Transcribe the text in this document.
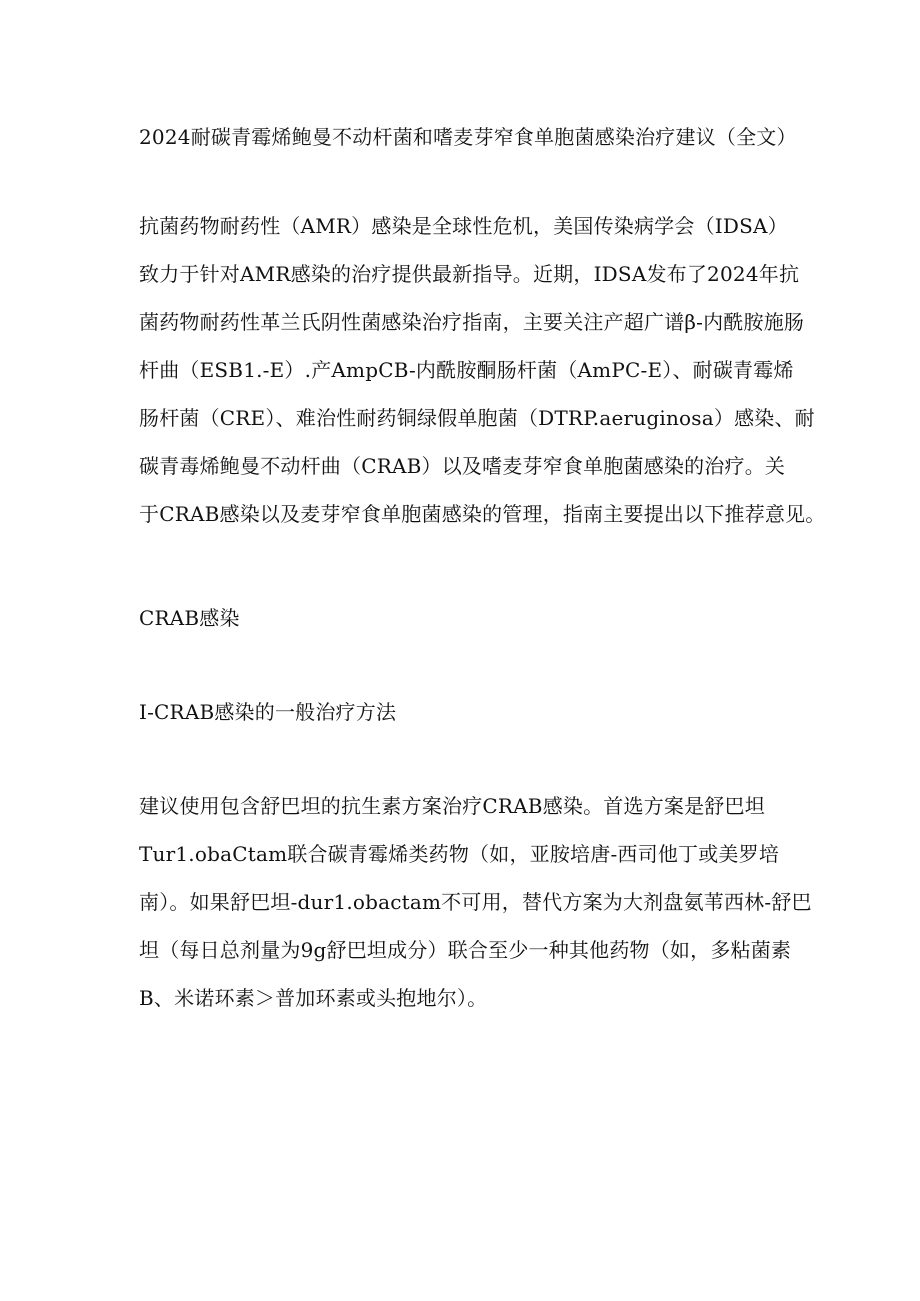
2024耐碳青霉烯鲍曼不动杆菌和嗜麦芽窄食单胞菌感染治疗建议（全文）
抗菌药物耐药性（AMR）感染是全球性危机，美国传染病学会（IDSA）
致力于针对AMR感染的治疗提供最新指导。近期，IDSA发布了2024年抗
菌药物耐药性革兰氏阴性菌感染治疗指南，主要关注产超广谱β-内酰胺施肠
杆曲（ESB1.-E）.产AmpCB-内酰胺酮肠杆菌（AmPC-E）、耐碳青霉烯
肠杆菌（CRE）、难治性耐药铜绿假单胞菌（DTRP.aeruginosa）感染、耐
碳青毒烯鲍曼不动杆曲（CRAB）以及嗜麦芽窄食单胞菌感染的治疗。关
于CRAB感染以及麦芽窄食单胞菌感染的管理，指南主要提出以下推荐意见。
CRAB感染
I-CRAB感染的一般治疗方法
建议使用包含舒巴坦的抗生素方案治疗CRAB感染。首选方案是舒巴坦
Tur1.obaCtam联合碳青霉烯类药物（如，亚胺培唐-西司他丁或美罗培
南）。如果舒巴坦-dur1.obactam不可用，替代方案为大剂盘氨苇西林-舒巴
坦（每日总剂量为9g舒巴坦成分）联合至少一种其他药物（如，多粘菌素
B、米诺环素＞普加环素或头抱地尔）。
